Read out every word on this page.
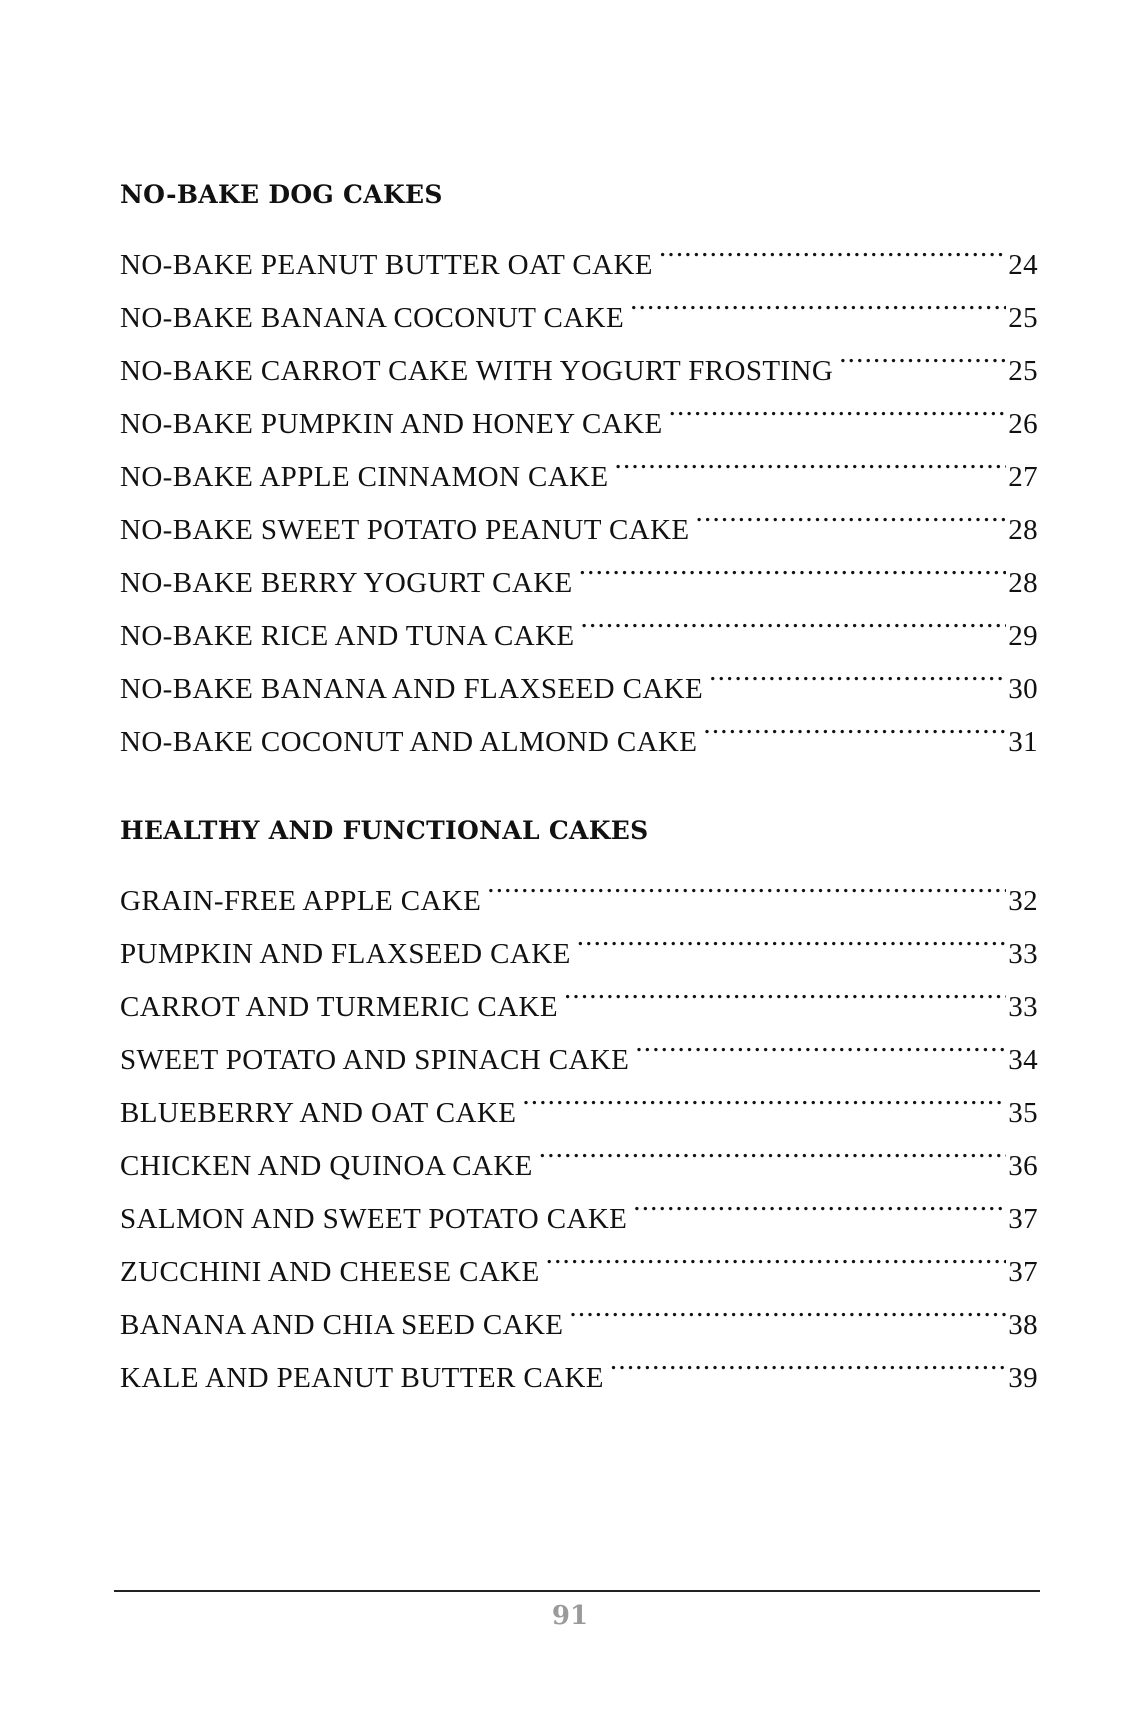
NO-BAKE DOG CAKES
NO-BAKE PEANUT BUTTER OAT CAKE .....	24
NO-BAKE BANANA COCONUT CAKE .....	25
NO-BAKE CARROT CAKE WITH YOGURT FROSTING .....	25
NO-BAKE PUMPKIN AND HONEY CAKE .....	26
NO-BAKE APPLE CINNAMON CAKE .....	27
NO-BAKE SWEET POTATO PEANUT CAKE .....	28
NO-BAKE BERRY YOGURT CAKE .....	28
NO-BAKE RICE AND TUNA CAKE .....	29
NO-BAKE BANANA AND FLAXSEED CAKE .....	30
NO-BAKE COCONUT AND ALMOND CAKE .....	31
HEALTHY AND FUNCTIONAL CAKES
GRAIN-FREE APPLE CAKE .....	32
PUMPKIN AND FLAXSEED CAKE .....	33
CARROT AND TURMERIC CAKE .....	33
SWEET POTATO AND SPINACH CAKE .....	34
BLUEBERRY AND OAT CAKE .....	35
CHICKEN AND QUINOA CAKE .....	36
SALMON AND SWEET POTATO CAKE .....	37
ZUCCHINI AND CHEESE CAKE .....	37
BANANA AND CHIA SEED CAKE .....	38
KALE AND PEANUT BUTTER CAKE .....	39
91
